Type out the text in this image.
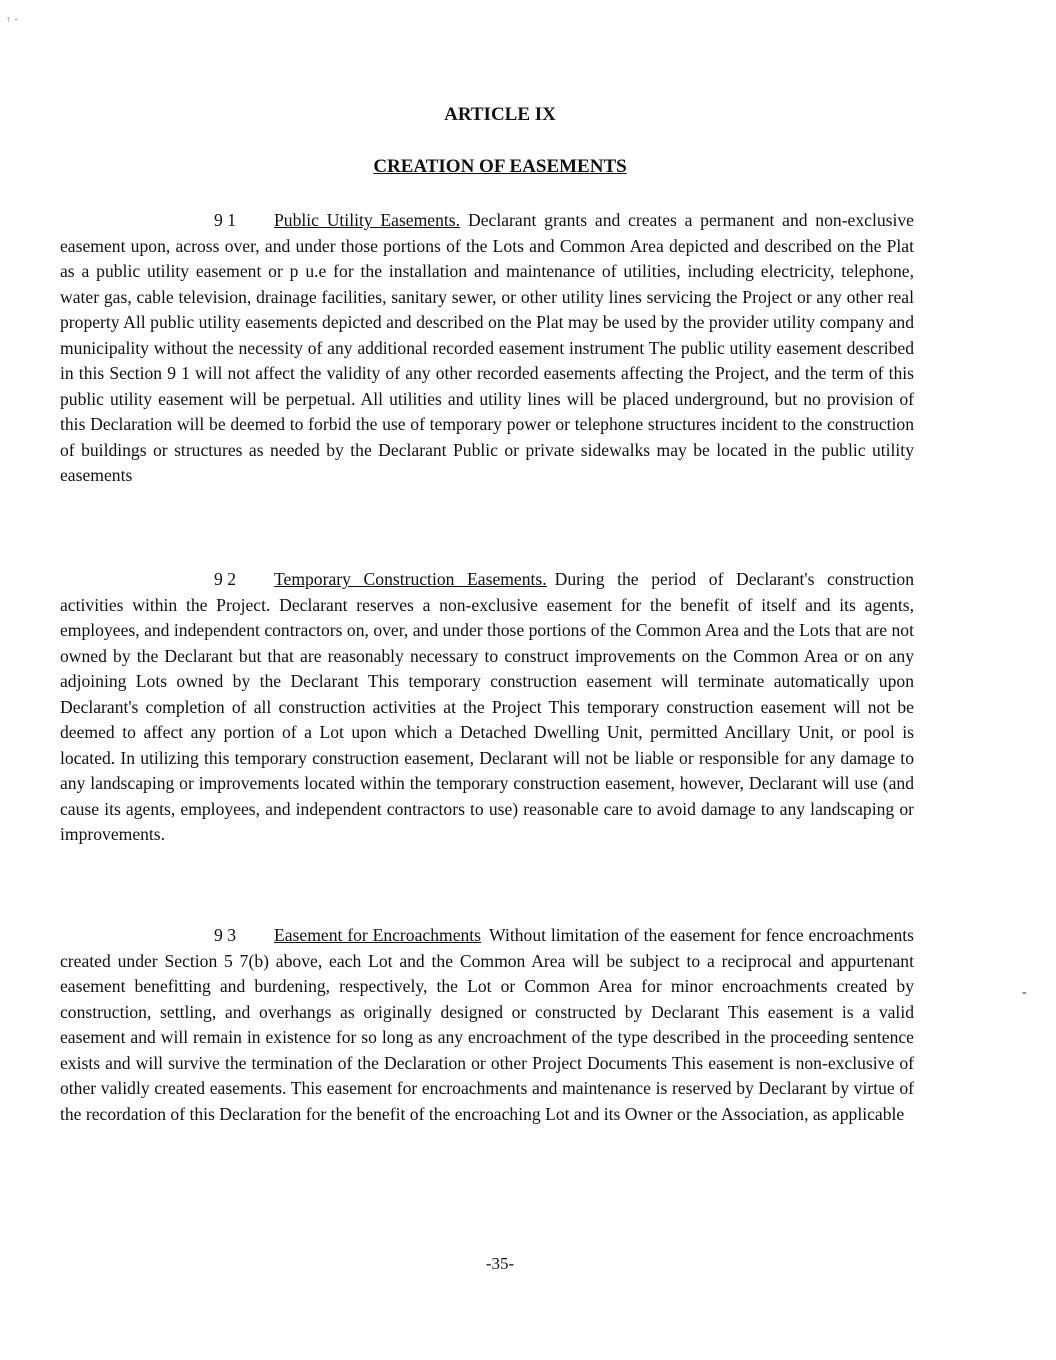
↑ -
ARTICLE IX
CREATION OF EASEMENTS

9 1 Public Utility Easements. Declarant grants and creates a permanent and non-exclusive easement upon, across over, and under those portions of the Lots and Common Area depicted and described on the Plat as a public utility easement or p u.e for the installation and maintenance of utilities, including electricity, telephone, water gas, cable television, drainage facilities, sanitary sewer, or other utility lines servicing the Project or any other real property All public utility easements depicted and described on the Plat may be used by the provider utility company and municipality without the necessity of any additional recorded easement instrument The public utility easement described in this Section 9 1 will not affect the validity of any other recorded easements affecting the Project, and the term of this public utility easement will be perpetual. All utilities and utility lines will be placed underground, but no provision of this Declaration will be deemed to forbid the use of temporary power or telephone structures incident to the construction of buildings or structures as needed by the Declarant Public or private sidewalks may be located in the public utility easements

9 2 Temporary Construction Easements. During the period of Declarant's construction activities within the Project. Declarant reserves a non-exclusive easement for the benefit of itself and its agents, employees, and independent contractors on, over, and under those portions of the Common Area and the Lots that are not owned by the Declarant but that are reasonably necessary to construct improvements on the Common Area or on any adjoining Lots owned by the Declarant This temporary construction easement will terminate automatically upon Declarant's completion of all construction activities at the Project This temporary construction easement will not be deemed to affect any portion of a Lot upon which a Detached Dwelling Unit, permitted Ancillary Unit, or pool is located. In utilizing this temporary construction easement, Declarant will not be liable or responsible for any damage to any landscaping or improvements located within the temporary construction easement, however, Declarant will use (and cause its agents, employees, and independent contractors to use) reasonable care to avoid damage to any landscaping or improvements.

9 3 Easement for Encroachments Without limitation of the easement for fence encroachments created under Section 5 7(b) above, each Lot and the Common Area will be subject to a reciprocal and appurtenant easement benefitting and burdening, respectively, the Lot or Common Area for minor encroachments created by construction, settling, and overhangs as originally designed or constructed by Declarant This easement is a valid easement and will remain in existence for so long as any encroachment of the type described in the proceeding sentence exists and will survive the termination of the Declaration or other Project Documents This easement is non-exclusive of other validly created easements. This easement for encroachments and maintenance is reserved by Declarant by virtue of the recordation of this Declaration for the benefit of the encroaching Lot and its Owner or the Association, as applicable

-
-35-
